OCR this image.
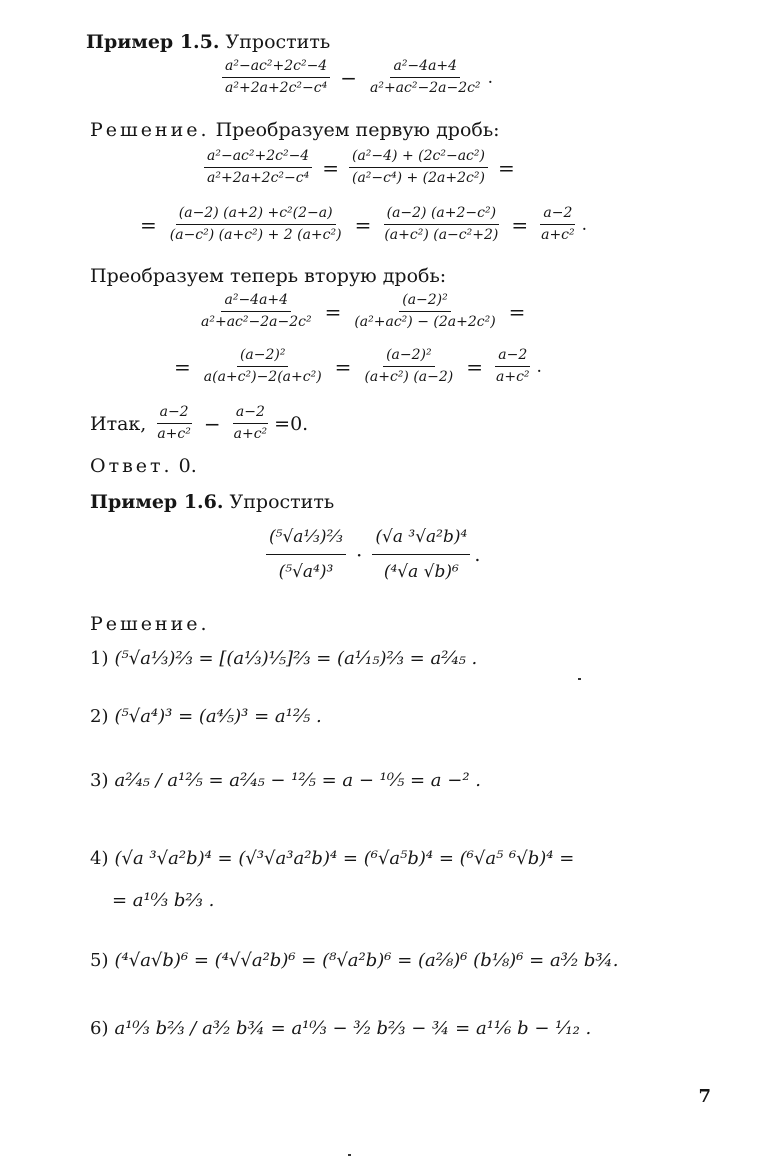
Пример 1.5. Упростить
$\frac{\text{a²−ac²+2c²−4}}{\text{a²+2a+2c²−c⁴}} - \frac{\text{a²−4a+4}}{\text{a²+ac²−2a−2c²}}$ .
Решение. Преобразуем первую дробь:
$\frac{\text{a²−ac²+2c²−4}}{\text{a²+2a+2c²−c⁴}} = \frac{\text{(a²−4) + (2c²−ac²)}}{\text{(a²−c⁴) + (2a+2c²)}}$ =
= $\frac{\text{(a−2) (a+2) +c²(2−a)}}{\text{(a−c²) (a+c²) + 2 (a+c²)}} = \frac{\text{(a−2) (a+2−c²)}}{\text{(a+c²) (a−c²+2)}} = \frac{a-2}{\text{a+c²}}$ .
Преобразуем теперь вторую дробь:
$\frac{\text{a²−4a+4}}{\text{a²+ac²−2a−2c²}} = \frac{\text{(a−2)²}}{\text{(a²+ac²) − (2a+2c²)}}$ =
= $\frac{\text{(a−2)²}}{\text{a(a+c²)−2(a+c²)}} = \frac{\text{(a−2)²}}{\text{(a+c²) (a−2)}} = \frac{a-2}{\text{a+c²}}$ .
Итак, $\frac{a-2}{\text{a+c²}} - \frac{a-2}{\text{a+c²}} =0$.
Ответ. 0.
Пример 1.6. Упростить
$\frac{\text{(⁵√a⅓)⅔}}{\text{(⁵√a⁴)³}} \cdot \frac{\text{(√a ³√a²b)⁴}}{\text{(⁴√a √b)⁶}}$ .
Решение.
1) (⁵√a⅓)⅔ = [(a⅓)⅕]⅔ = (a¹⁄₁₅)⅔ = a²⁄₄₅ .
2) (⁵√a⁴)³ = (a⅘)³ = a¹²⁄₅ .
3) a²⁄₄₅ / a¹²⁄₅ = a²⁄₄₅ − ¹²⁄₅ = a − ¹⁰⁄₅ = a −² .
4) (√a ³√a²b)⁴ = (√³√a³a²b)⁴ = (⁶√a⁵b)⁴ = (⁶√a⁵ ⁶√b)⁴ =
= a¹⁰⁄₃ b⅔ .
5) (⁴√a√b)⁶ = (⁴√√a²b)⁶ = (⁸√a²b)⁶ = (a²⁄₈)⁶ (b⅛)⁶ = a³⁄₂ b¾.
6) a¹⁰⁄₃ b⅔ / a³⁄₂ b¾ = a¹⁰⁄₃ − ³⁄₂ b⅔ − ¾ = a¹¹⁄₆ b − ¹⁄₁₂ .
7
